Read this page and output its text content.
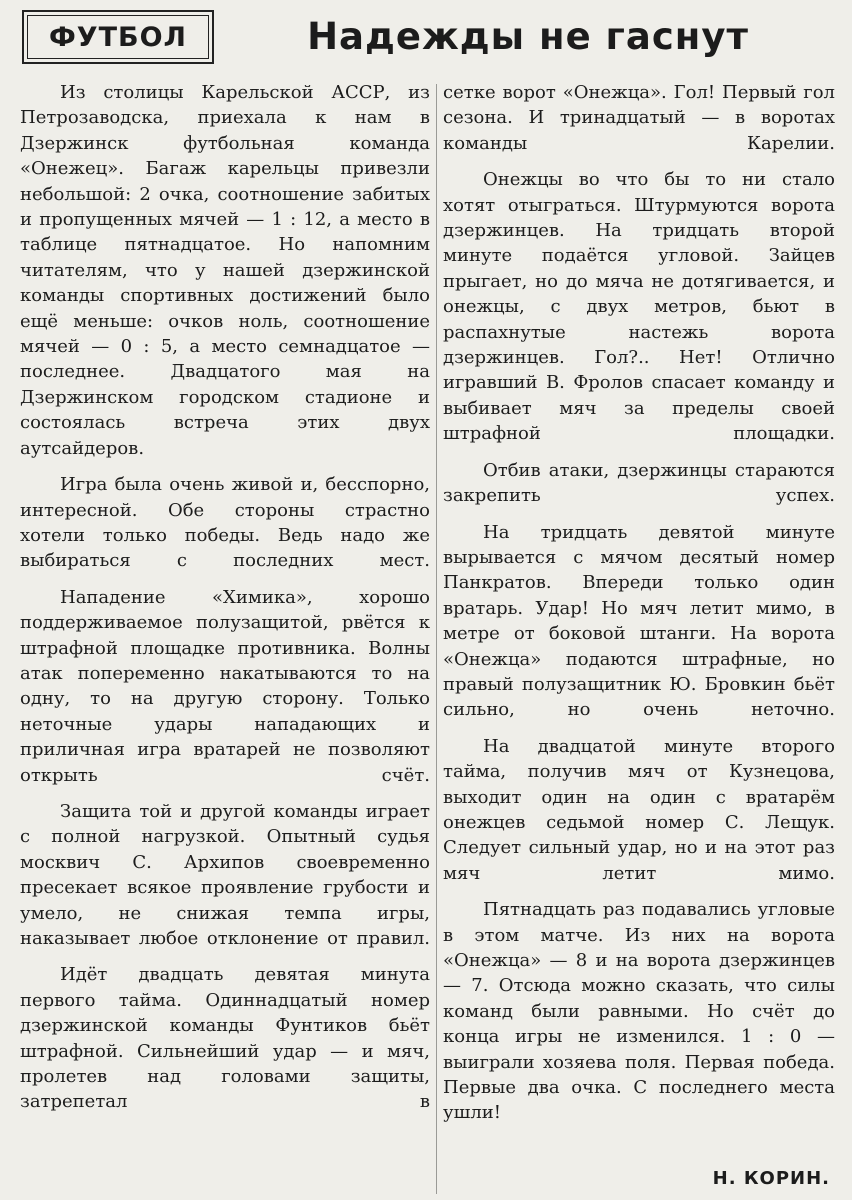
ФУТБОЛ	Надежды не гаснут

Из столицы Карельской АССР, из Петрозаводска, приехала к нам в Дзержинск футбольная команда «Онежец». Багаж карельцы привезли небольшой: 2 очка, соотношение забитых и пропущенных мячей — 1 : 12, а место в таблице пятнадцатое. Но напомним читателям, что у нашей дзержинской команды спортивных достижений было ещё меньше: очков ноль, соотношение мячей — 0 : 5, а место семнадцатое — последнее. Двадцатого мая на Дзержинском городском стадионе и состоялась встреча этих двух аутсайдеров.

Игра была очень живой и, бесспорно, интересной. Обе стороны страстно хотели только победы. Ведь надо же выбираться с последних мест.

Нападение «Химика», хорошо поддерживаемое полузащитой, рвётся к штрафной площадке противника. Волны атак попеременно накатываются то на одну, то на другую сторону. Только неточные удары нападающих и приличная игра вратарей не позволяют открыть счёт.

Защита той и другой команды играет с полной нагрузкой. Опытный судья москвич С. Архипов своевременно пресекает всякое проявление грубости и умело, не снижая темпа игры, наказывает любое отклонение от правил.

Идёт двадцать девятая минута первого тайма. Одиннадцатый номер дзержинской команды Фунтиков бьёт штрафной. Сильнейший удар — и мяч, пролетев над головами защиты, затрепетал в

сетке ворот «Онежца». Гол! Первый гол сезона. И тринадцатый — в воротах команды Карелии.

Онежцы во что бы то ни стало хотят отыграться. Штурмуются ворота дзержинцев. На тридцать второй минуте подаётся угловой. Зайцев прыгает, но до мяча не дотягивается, и онежцы, с двух метров, бьют в распахнутые настежь ворота дзержинцев. Гол?.. Нет! Отлично игравший В. Фролов спасает команду и выбивает мяч за пределы своей штрафной площадки.

Отбив атаки, дзержинцы стараются закрепить успех.

На тридцать девятой минуте вырывается с мячом десятый номер Панкратов. Впереди только один вратарь. Удар! Но мяч летит мимо, в метре от боковой штанги. На ворота «Онежца» подаются штрафные, но правый полузащитник Ю. Бровкин бьёт сильно, но очень неточно.

На двадцатой минуте второго тайма, получив мяч от Кузнецова, выходит один на один с вратарём онежцев седьмой номер С. Лещук. Следует сильный удар, но и на этот раз мяч летит мимо.

Пятнадцать раз подавались угловые в этом матче. Из них на ворота «Онежца» — 8 и на ворота дзержинцев — 7. Отсюда можно сказать, что силы команд были равными. Но счёт до конца игры не изменился. 1 : 0 — выиграли хозяева поля. Первая победа. Первые два очка. С последнего места ушли!

Н. КОРИН.
